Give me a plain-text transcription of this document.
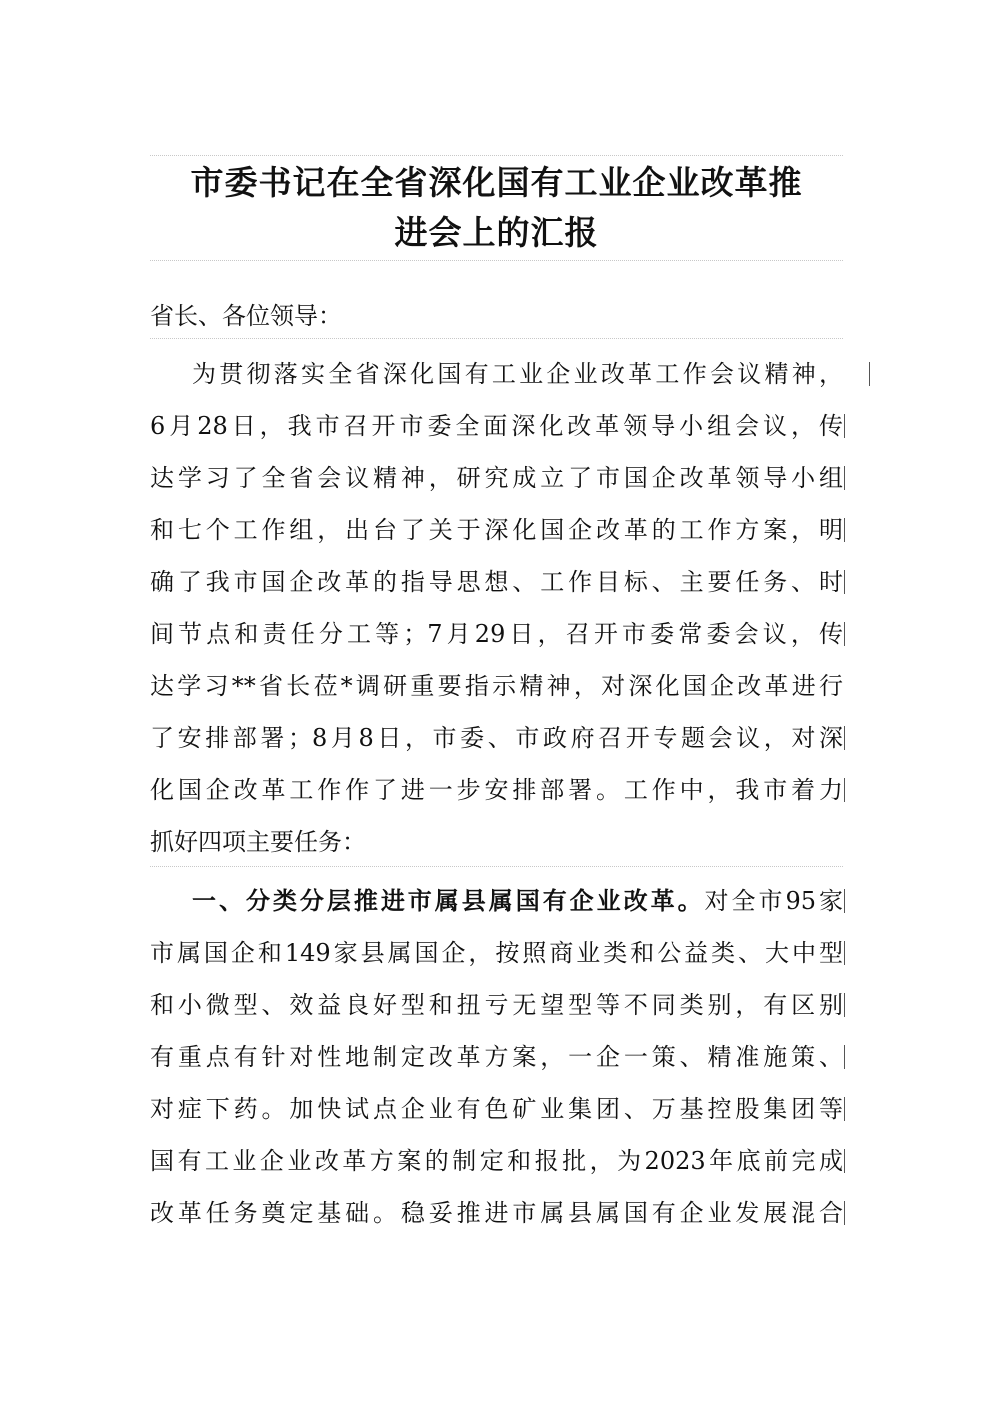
市委书记在全省深化国有工业企业改革推
进会上的汇报
省长、各位领导：
为贯彻落实全省深化国有工业企业改革工作会议精神，
6月28日，我市召开市委全面深化改革领导小组会议，传
达学习了全省会议精神，研究成立了市国企改革领导小组
和七个工作组，出台了关于深化国企改革的工作方案，明
确了我市国企改革的指导思想、工作目标、主要任务、时
间节点和责任分工等；7月29日，召开市委常委会议，传
达学习**省长莅*调研重要指示精神，对深化国企改革进行
了安排部署；8月8日，市委、市政府召开专题会议，对深
化国企改革工作作了进一步安排部署。工作中，我市着力
抓好四项主要任务：
一、分类分层推进市属县属国有企业改革。对全市95家
市属国企和149家县属国企，按照商业类和公益类、大中型
和小微型、效益良好型和扭亏无望型等不同类别，有区别
有重点有针对性地制定改革方案，一企一策、精准施策、
对症下药。加快试点企业有色矿业集团、万基控股集团等
国有工业企业改革方案的制定和报批，为2023年底前完成
改革任务奠定基础。稳妥推进市属县属国有企业发展混合
